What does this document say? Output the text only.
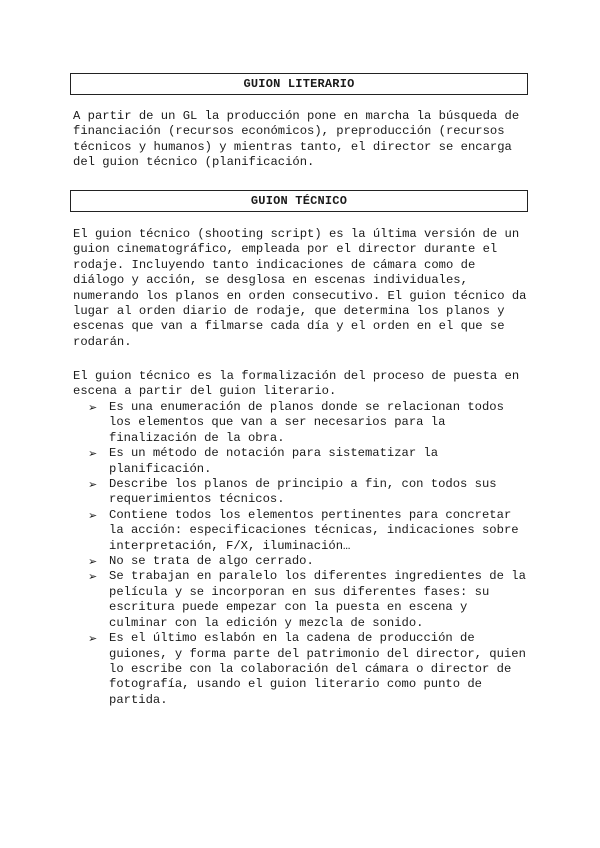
GUION LITERARIO

A partir de un GL la producción pone en marcha la búsqueda de
financiación (recursos económicos), preproducción (recursos
técnicos y humanos) y mientras tanto, el director se encarga
del guion técnico (planificación.

GUION TÉCNICO

El guion técnico (shooting script) es la última versión de un
guion cinematográfico, empleada por el director durante el
rodaje. Incluyendo tanto indicaciones de cámara como de
diálogo y acción, se desglosa en escenas individuales,
numerando los planos en orden consecutivo. El guion técnico da
lugar al orden diario de rodaje, que determina los planos y
escenas que van a filmarse cada día y el orden en el que se
rodarán.

El guion técnico es la formalización del proceso de puesta en
escena a partir del guion literario.

➢ Es una enumeración de planos donde se relacionan todos
los elementos que van a ser necesarios para la
finalización de la obra.
➢ Es un método de notación para sistematizar la
planificación.
➢ Describe los planos de principio a fin, con todos sus
requerimientos técnicos.
➢ Contiene todos los elementos pertinentes para concretar
la acción: especificaciones técnicas, indicaciones sobre
interpretación, F/X, iluminación…
➢ No se trata de algo cerrado.
➢ Se trabajan en paralelo los diferentes ingredientes de la
película y se incorporan en sus diferentes fases: su
escritura puede empezar con la puesta en escena y
culminar con la edición y mezcla de sonido.
➢ Es el último eslabón en la cadena de producción de
guiones, y forma parte del patrimonio del director, quien
lo escribe con la colaboración del cámara o director de
fotografía, usando el guion literario como punto de
partida.
